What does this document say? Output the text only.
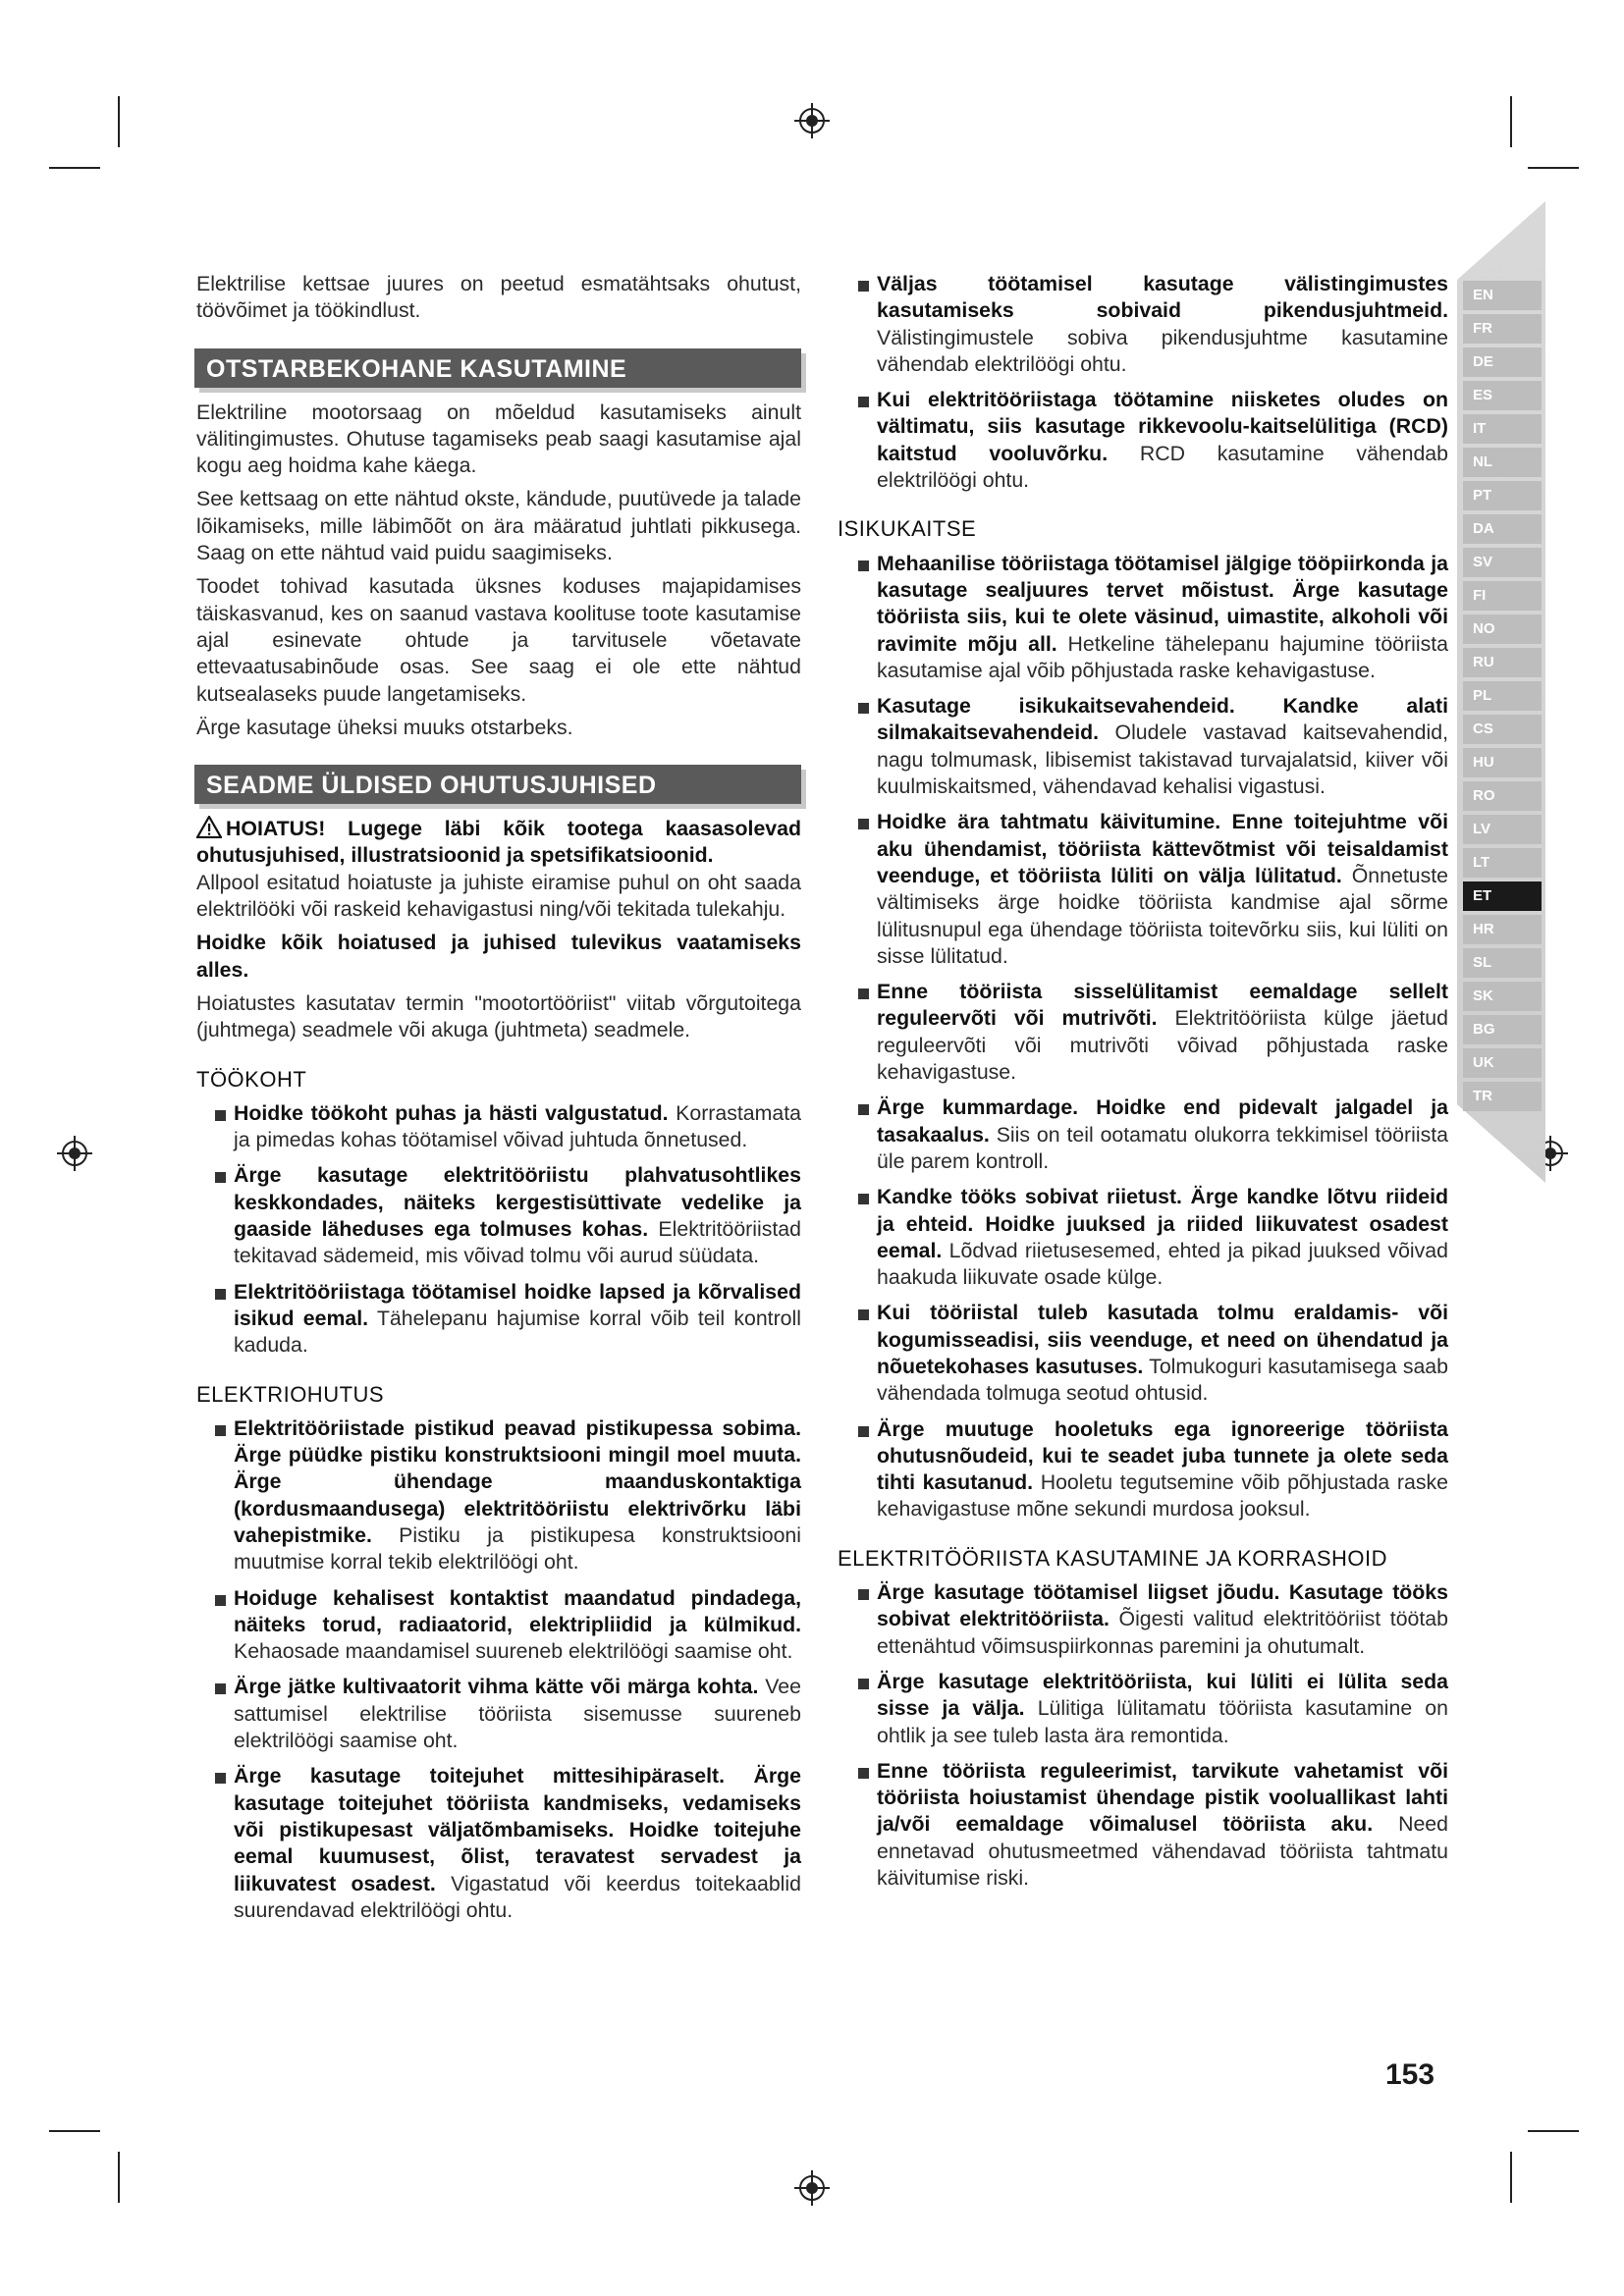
EN
FR
DE
ES
IT
NL
PT
DA
SV
FI
NO
RU
PL
CS
HU
RO
LV
LT
ET
HR
SL
SK
BG
UK
TR

Elektrilise kettsae juures on peetud esmatähtsaks ohutust, töövõimet ja töökindlust.

OTSTARBEKOHANE KASUTAMINE

Elektriline mootorsaag on mõeldud kasutamiseks ainult välitingimustes. Ohutuse tagamiseks peab saagi kasutamise ajal kogu aeg hoidma kahe käega.

See kettsaag on ette nähtud okste, kändude, puutüvede ja talade lõikamiseks, mille läbimõõt on ära määratud juhtlati pikkusega. Saag on ette nähtud vaid puidu saagimiseks.

Toodet tohivad kasutada üksnes koduses majapidamises täiskasvanud, kes on saanud vastava koolituse toote kasutamise ajal esinevate ohtude ja tarvitusele võetavate ettevaatusabinõude osas. See saag ei ole ette nähtud kutsealaseks puude langetamiseks.

Ärge kasutage üheksi muuks otstarbeks.

SEADME ÜLDISED OHUTUSJUHISED

HOIATUS! Lugege läbi kõik tootega kaasasolevad ohutusjuhised, illustratsioonid ja spetsifikatsioonid.

Allpool esitatud hoiatuste ja juhiste eiramise puhul on oht saada elektrilööki või raskeid kehavigastusi ning/või tekitada tulekahju.

Hoidke kõik hoiatused ja juhised tulevikus vaatamiseks alles.

Hoiatustes kasutatav termin "mootortööriist" viitab võrgutoitega (juhtmega) seadmele või akuga (juhtmeta) seadmele.

TÖÖKOHT
Hoidke töökoht puhas ja hästi valgustatud. Korrastamata ja pimedas kohas töötamisel võivad juhtuda õnnetused.
Ärge kasutage elektritööriistu plahvatusohtlikes keskkondades, näiteks kergestisüttivate vedelike ja gaaside läheduses ega tolmuses kohas. Elektritööriistad tekitavad sädemeid, mis võivad tolmu või aurud süüdata.
Elektritööriistaga töötamisel hoidke lapsed ja kõrvalised isikud eemal. Tähelepanu hajumise korral võib teil kontroll kaduda.
ELEKTRIOHUTUS
Elektritööriistade pistikud peavad pistikupessa sobima. Ärge püüdke pistiku konstruktsiooni mingil moel muuta. Ärge ühendage maanduskontaktiga (kordusmaandusega) elektritööriistu elektrivõrku läbi vahepistmike. Pistiku ja pistikupesa konstruktsiooni muutmise korral tekib elektrilöögi oht.
Hoiduge kehalisest kontaktist maandatud pindadega, näiteks torud, radiaatorid, elektripliidid ja külmikud. Kehaosade maandamisel suureneb elektrilöögi saamise oht.
Ärge jätke kultivaatorit vihma kätte või märga kohta. Vee sattumisel elektrilise tööriista sisemusse suureneb elektrilöögi saamise oht.
Ärge kasutage toitejuhet mittesihipäraselt. Ärge kasutage toitejuhet tööriista kandmiseks, vedamiseks või pistikupesast väljatõmbamiseks. Hoidke toitejuhe eemal kuumusest, õlist, teravatest servadest ja liikuvatest osadest. Vigastatud või keerdus toitekaablid suurendavad elektrilöögi ohtu.
Väljas töötamisel kasutage välistingimustes kasutamiseks sobivaid pikendusjuhtmeid. Välistingimustele sobiva pikendusjuhtme kasutamine vähendab elektrilöögi ohtu.
Kui elektritööriistaga töötamine niisketes oludes on vältimatu, siis kasutage rikkevoolu-kaitselülitiga (RCD) kaitstud vooluvõrku. RCD kasutamine vähendab elektrilöögi ohtu.
ISIKUKAITSE
Mehaanilise tööriistaga töötamisel jälgige tööpiirkonda ja kasutage sealjuures tervet mõistust. Ärge kasutage tööriista siis, kui te olete väsinud, uimastite, alkoholi või ravimite mõju all. Hetkeline tähelepanu hajumine tööriista kasutamise ajal võib põhjustada raske kehavigastuse.
Kasutage isikukaitsevahendeid. Kandke alati silmakaitsevahendeid. Oludele vastavad kaitsevahendid, nagu tolmumask, libisemist takistavad turvajalatsid, kiiver või kuulmiskaitsmed, vähendavad kehalisi vigastusi.
Hoidke ära tahtmatu käivitumine. Enne toitejuhtme või aku ühendamist, tööriista kättevõtmist või teisaldamist veenduge, et tööriista lüliti on välja lülitatud. Õnnetuste vältimiseks ärge hoidke tööriista kandmise ajal sõrme lülitusnupul ega ühendage tööriista toitevõrku siis, kui lüliti on sisse lülitatud.
Enne tööriista sisselülitamist eemaldage sellelt reguleervõti või mutrivõti. Elektritööriista külge jäetud reguleervõti või mutrivõti võivad põhjustada raske kehavigastuse.
Ärge kummardage. Hoidke end pidevalt jalgadel ja tasakaalus. Siis on teil ootamatu olukorra tekkimisel tööriista üle parem kontroll.
Kandke tööks sobivat riietust. Ärge kandke lõtvu riideid ja ehteid. Hoidke juuksed ja riided liikuvatest osadest eemal. Lõdvad riietusesemed, ehted ja pikad juuksed võivad haakuda liikuvate osade külge.
Kui tööriistal tuleb kasutada tolmu eraldamis- või kogumisseadisi, siis veenduge, et need on ühendatud ja nõuetekohases kasutuses. Tolmukoguri kasutamisega saab vähendada tolmuga seotud ohtusid.
Ärge muutuge hooletuks ega ignoreerige tööriista ohutusnõudeid, kui te seadet juba tunnete ja olete seda tihti kasutanud. Hooletu tegutsemine võib põhjustada raske kehavigastuse mõne sekundi murdosa jooksul.
ELEKTRITÖÖRIISTA KASUTAMINE JA KORRASHOID
Ärge kasutage töötamisel liigset jõudu. Kasutage tööks sobivat elektritööriista. Õigesti valitud elektritööriist töötab ettenähtud võimsuspiirkonnas paremini ja ohutumalt.
Ärge kasutage elektritööriista, kui lüliti ei lülita seda sisse ja välja. Lülitiga lülitamatu tööriista kasutamine on ohtlik ja see tuleb lasta ära remontida.
Enne tööriista reguleerimist, tarvikute vahetamist või tööriista hoiustamist ühendage pistik vooluallikast lahti ja/või eemaldage võimalusel tööriista aku. Need ennetavad ohutusmeetmed vähendavad tööriista tahtmatu käivitumise riski.
153
